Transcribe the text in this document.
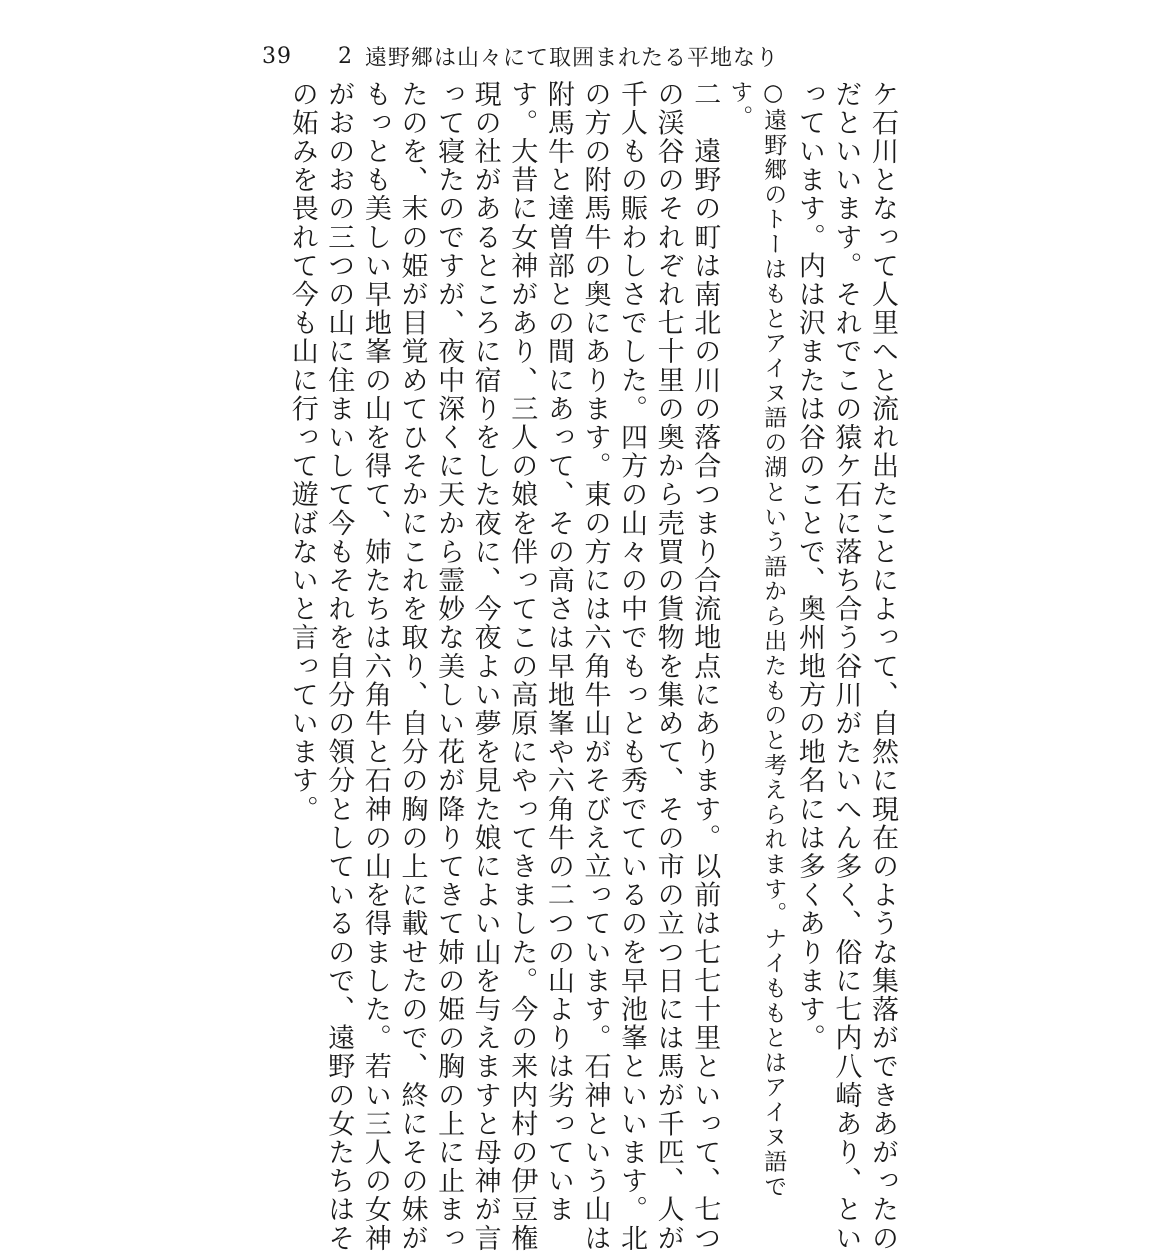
39 2 遠野郷は山々にて取囲まれたる平地なり

ケ石川となって人里へと流れ出たことによって、自然に現在のような集落ができあがったの
だといいます。それでこの猿ケ石に落ち合う谷川がたいへん多く、俗に七内八崎あり、とい
っています。内は沢または谷のことで、奥州地方の地名には多くあります。

○遠野郷のトーはもとアイヌ語の湖という語から出たものと考えられます。ナイももとはアイヌ語で
す。

二　遠野の町は南北の川の落合つまり合流地点にあります。以前は七七十里といって、七つ
の渓谷のそれぞれ七十里の奥から売買の貨物を集めて、その市の立つ日には馬が千匹、人が
千人もの賑わしさでした。四方の山々の中でもっとも秀でているのを早池峯といいます。北
の方の附馬牛の奥にあります。東の方には六角牛山がそびえ立っています。石神という山は
附馬牛と達曽部との間にあって、その高さは早地峯や六角牛の二つの山よりは劣っていま
す。大昔に女神があり、三人の娘を伴ってこの高原にやってきました。今の来内村の伊豆権
現の社があるところに宿りをした夜に、今夜よい夢を見た娘によい山を与えますと母神が言
って寝たのですが、夜中深くに天から霊妙な美しい花が降りてきて姉の姫の胸の上に止まっ
たのを、末の姫が目覚めてひそかにこれを取り、自分の胸の上に載せたので、終にその妹が
もっとも美しい早地峯の山を得て、姉たちは六角牛と石神の山を得ました。若い三人の女神
がおのおの三つの山に住まいして今もそれを自分の領分としているので、遠野の女たちはそ
の妬みを畏れて今も山に行って遊ばないと言っています。
